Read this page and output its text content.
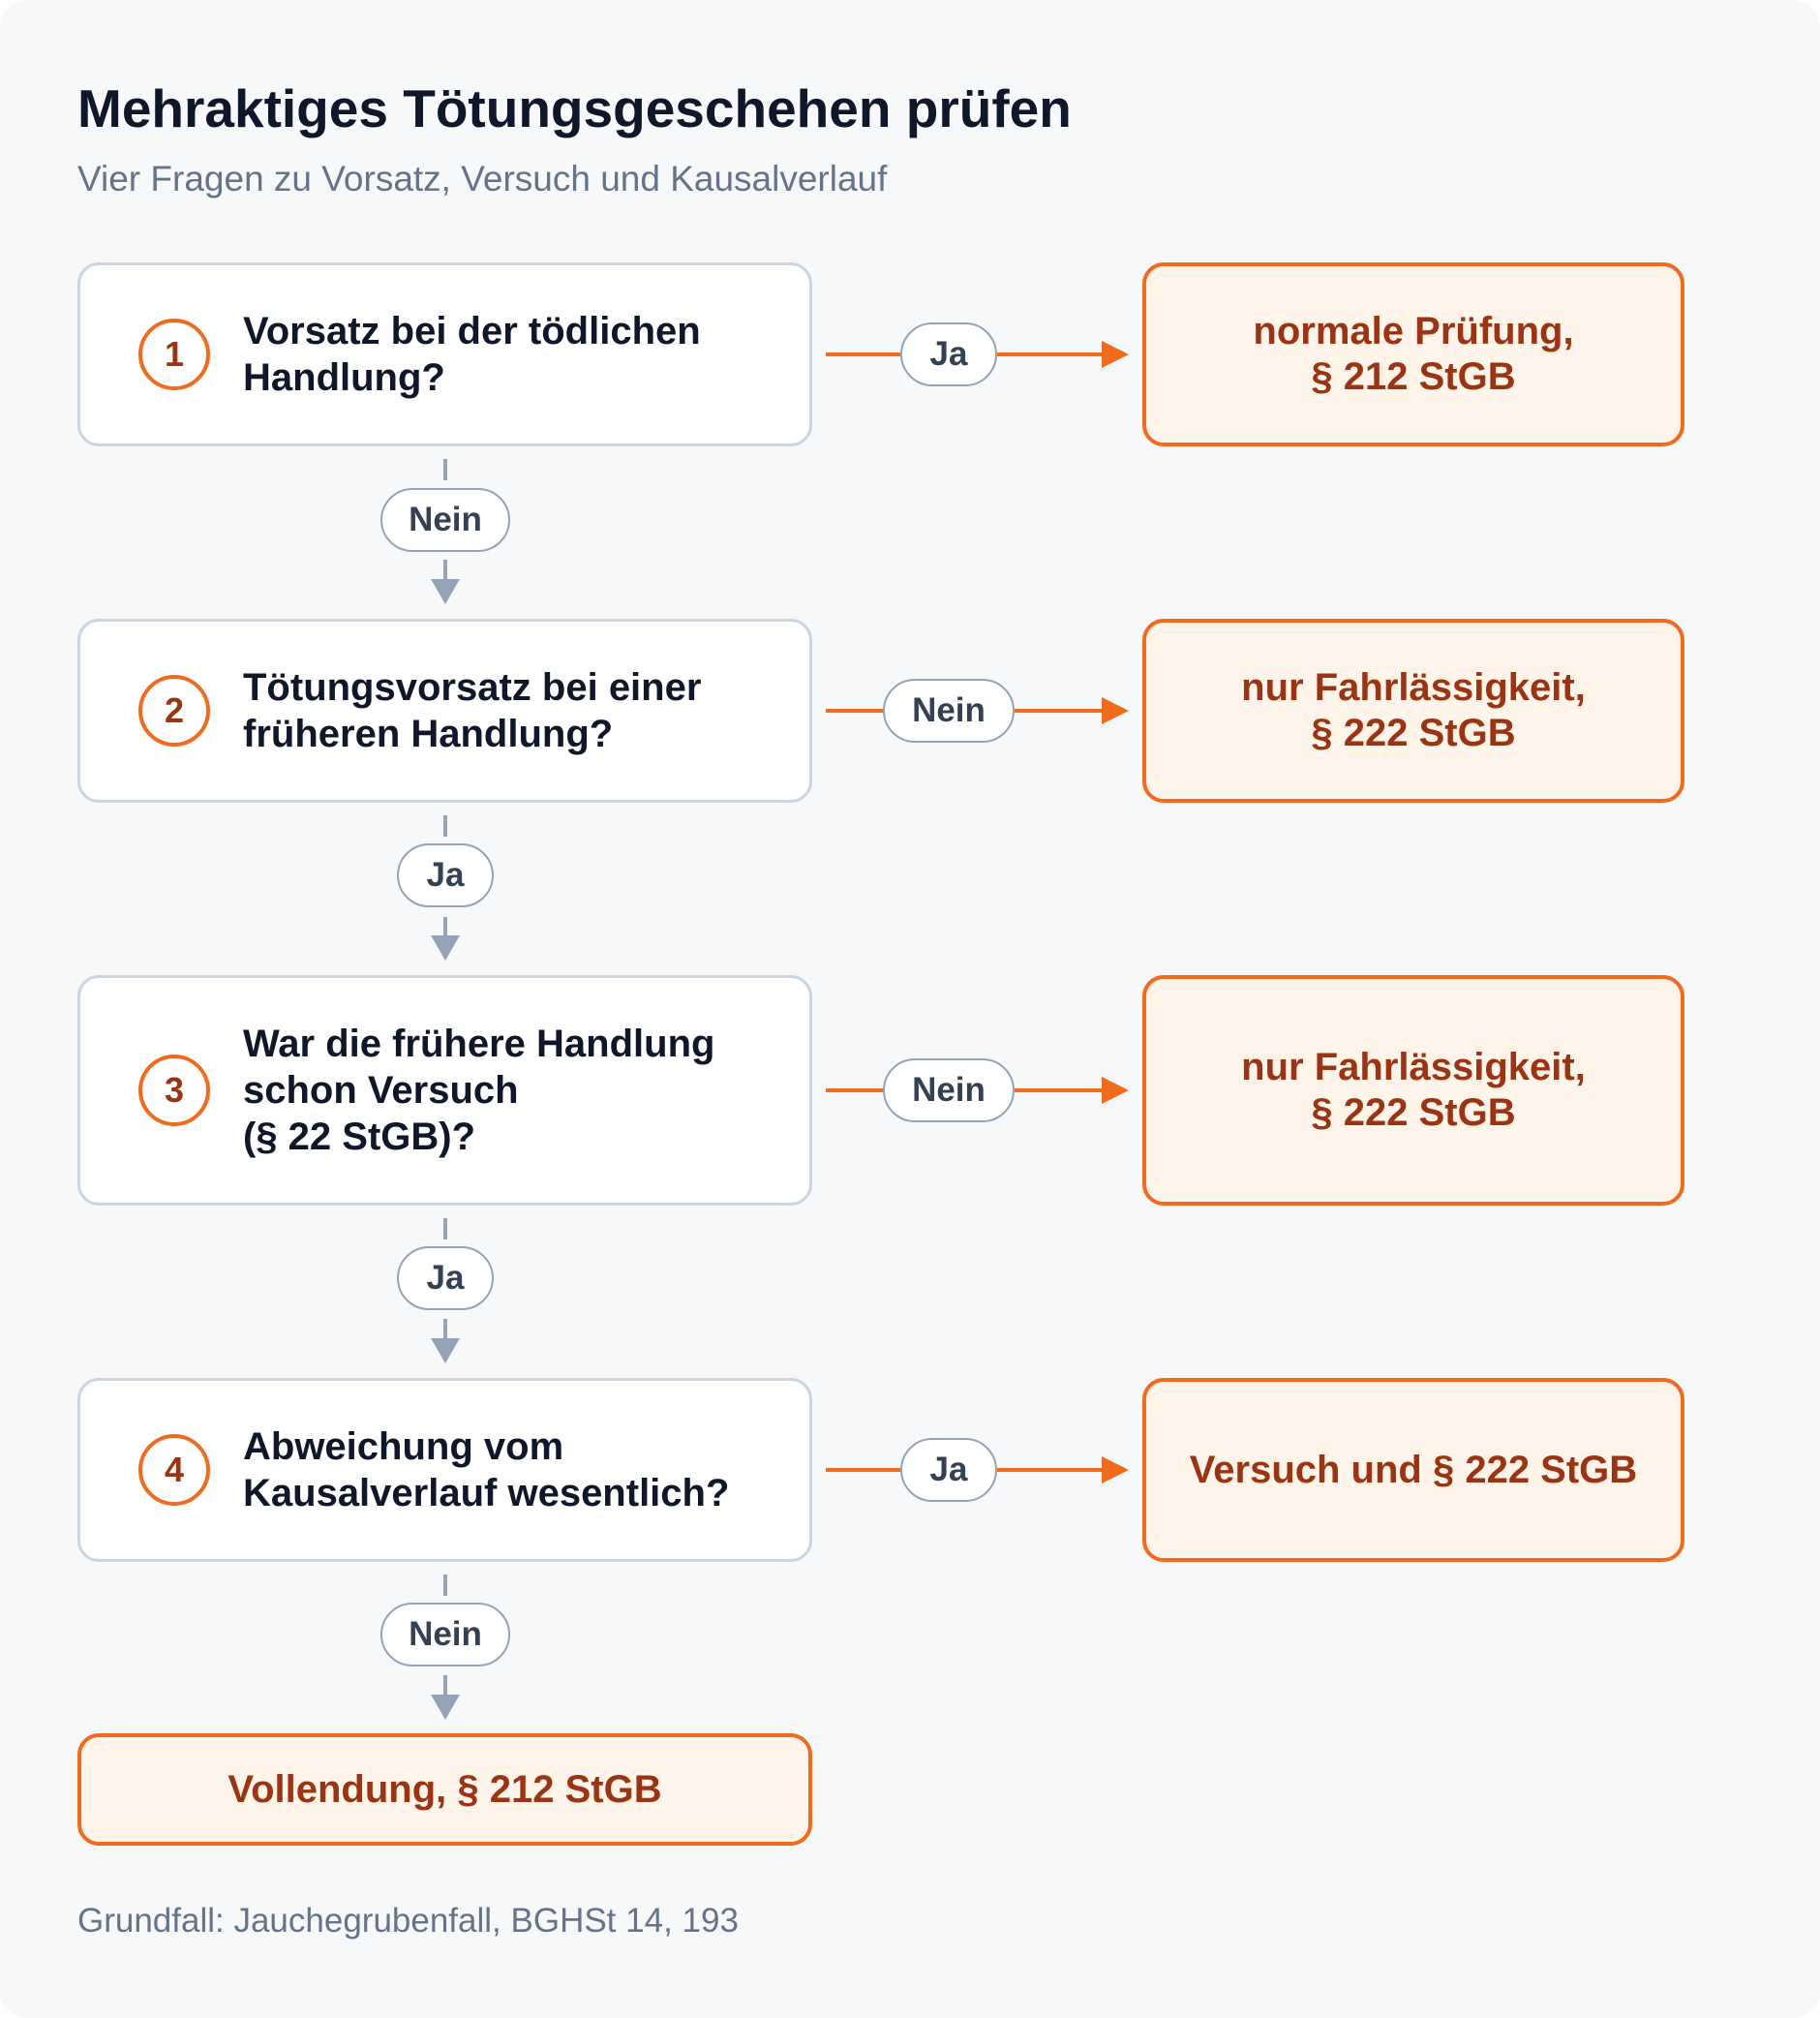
Mehraktiges Tötungsgeschehen prüfen

Vier Fragen zu Vorsatz, Versuch und Kausalverlauf

1
Vorsatz bei der tödlichen
Handlung?
Ja
normale Prüfung,
§ 212 StGB
Nein
2
Tötungsvorsatz bei einer
früheren Handlung?
Nein
nur Fahrlässigkeit,
§ 222 StGB
Ja
3
War die frühere Handlung
schon Versuch
(§ 22 StGB)?
Nein
nur Fahrlässigkeit,
§ 222 StGB
Ja
4
Abweichung vom
Kausalverlauf wesentlich?
Ja	Versuch und § 222 StGB
Nein
Vollendung, § 212 StGB

Grundfall: Jauchegrubenfall, BGHSt 14, 193
